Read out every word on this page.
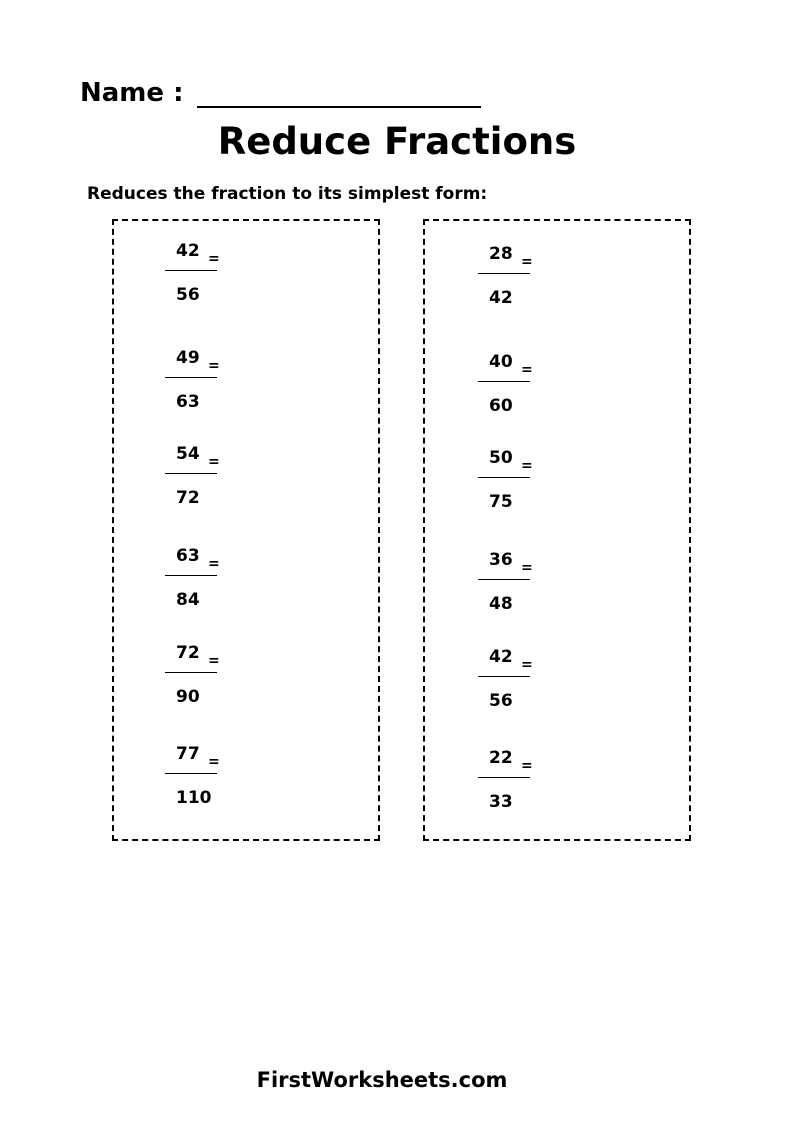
Name :
Reduce Fractions
Reduces the fraction to its simplest form:
42 =
56
49 =
63
54 =
72
63 =
84
72 =
90
77 =
110
28 =
42
40 =
60
50 =
75
36 =
48
42 =
56
22 =
33
FirstWorksheets.com
